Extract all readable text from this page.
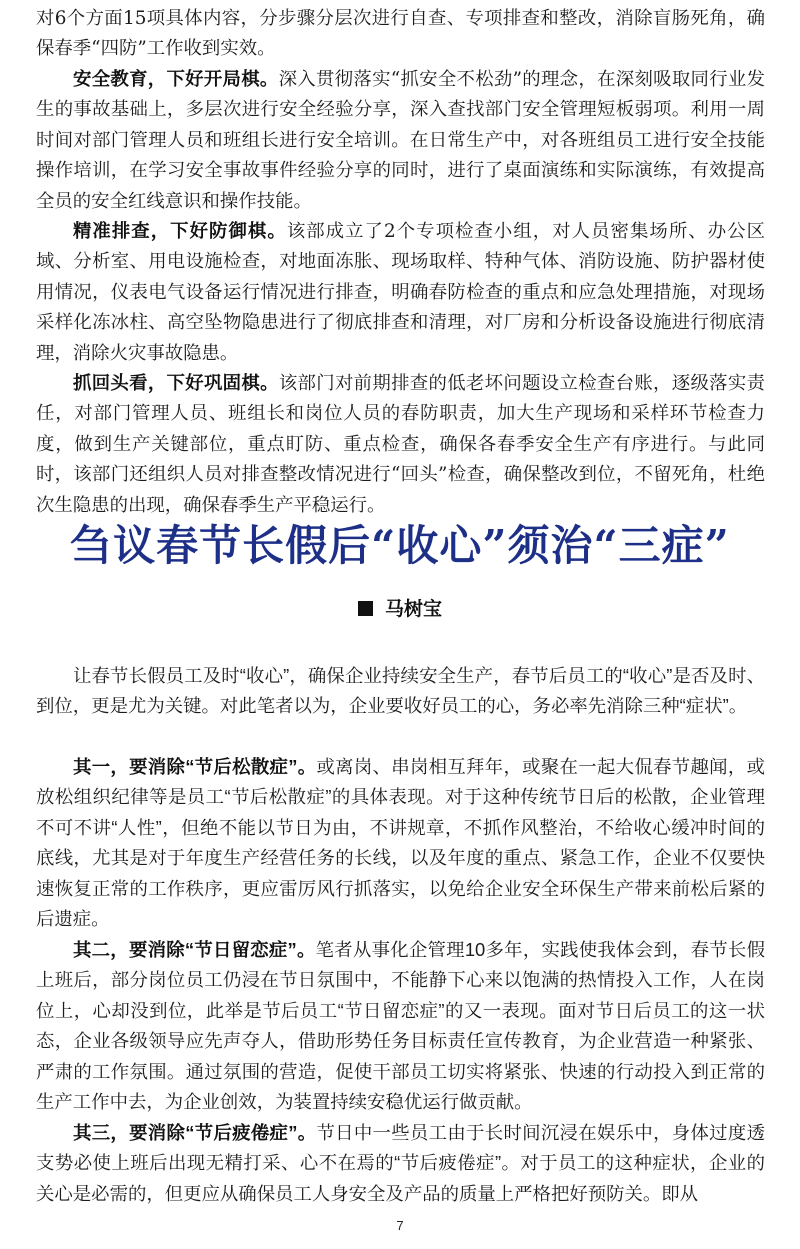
对6个方面15项具体内容，分步骤分层次进行自查、专项排查和整改，消除盲肠死角，确保春季“四防”工作收到实效。

安全教育，下好开局棋。深入贯彻落实“抓安全不松劲”的理念，在深刻吸取同行业发生的事故基础上，多层次进行安全经验分享，深入查找部门安全管理短板弱项。利用一周时间对部门管理人员和班组长进行安全培训。在日常生产中，对各班组员工进行安全技能操作培训，在学习安全事故事件经验分享的同时，进行了桌面演练和实际演练，有效提高全员的安全红线意识和操作技能。

精准排查，下好防御棋。该部成立了2个专项检查小组，对人员密集场所、办公区域、分析室、用电设施检查，对地面冻胀、现场取样、特种气体、消防设施、防护器材使用情况，仪表电气设备运行情况进行排查，明确春防检查的重点和应急处理措施，对现场采样化冻冰柱、高空坠物隐患进行了彻底排查和清理，对厂房和分析设备设施进行彻底清理，消除火灾事故隐患。

抓回头看，下好巩固棋。该部门对前期排查的低老坏问题设立检查台账，逐级落实责任，对部门管理人员、班组长和岗位人员的春防职责，加大生产现场和采样环节检查力度，做到生产关键部位，重点盯防、重点检查，确保各春季安全生产有序进行。与此同时，该部门还组织人员对排查整改情况进行“回头”检查，确保整改到位，不留死角，杜绝次生隐患的出现，确保春季生产平稳运行。

刍议春节长假后“收心”须治“三症”
马树宝

让春节长假员工及时“收心”，确保企业持续安全生产，春节后员工的“收心”是否及时、到位，更是尤为关键。对此笔者以为，企业要收好员工的心，务必率先消除三种“症状”。

其一，要消除“节后松散症”。或离岗、串岗相互拜年，或聚在一起大侃春节趣闻，或放松组织纪律等是员工“节后松散症”的具体表现。对于这种传统节日后的松散，企业管理不可不讲“人性”，但绝不能以节日为由，不讲规章，不抓作风整治，不给收心缓冲时间的底线，尤其是对于年度生产经营任务的长线，以及年度的重点、紧急工作，企业不仅要快速恢复正常的工作秩序，更应雷厉风行抓落实，以免给企业安全环保生产带来前松后紧的后遗症。

其二，要消除“节日留恋症”。笔者从事化企管理10多年，实践使我体会到，春节长假上班后，部分岗位员工仍浸在节日氛围中，不能静下心来以饱满的热情投入工作，人在岗位上，心却没到位，此举是节后员工“节日留恋症”的又一表现。面对节日后员工的这一状态，企业各级领导应先声夺人，借助形势任务目标责任宣传教育，为企业营造一种紧张、严肃的工作氛围。通过氛围的营造，促使干部员工切实将紧张、快速的行动投入到正常的生产工作中去，为企业创效，为装置持续安稳优运行做贡献。

其三，要消除“节后疲倦症”。节日中一些员工由于长时间沉浸在娱乐中，身体过度透支势必使上班后出现无精打采、心不在焉的“节后疲倦症”。对于员工的这种症状，企业的关心是必需的，但更应从确保员工人身安全及产品的质量上严格把好预防关。即从

7
